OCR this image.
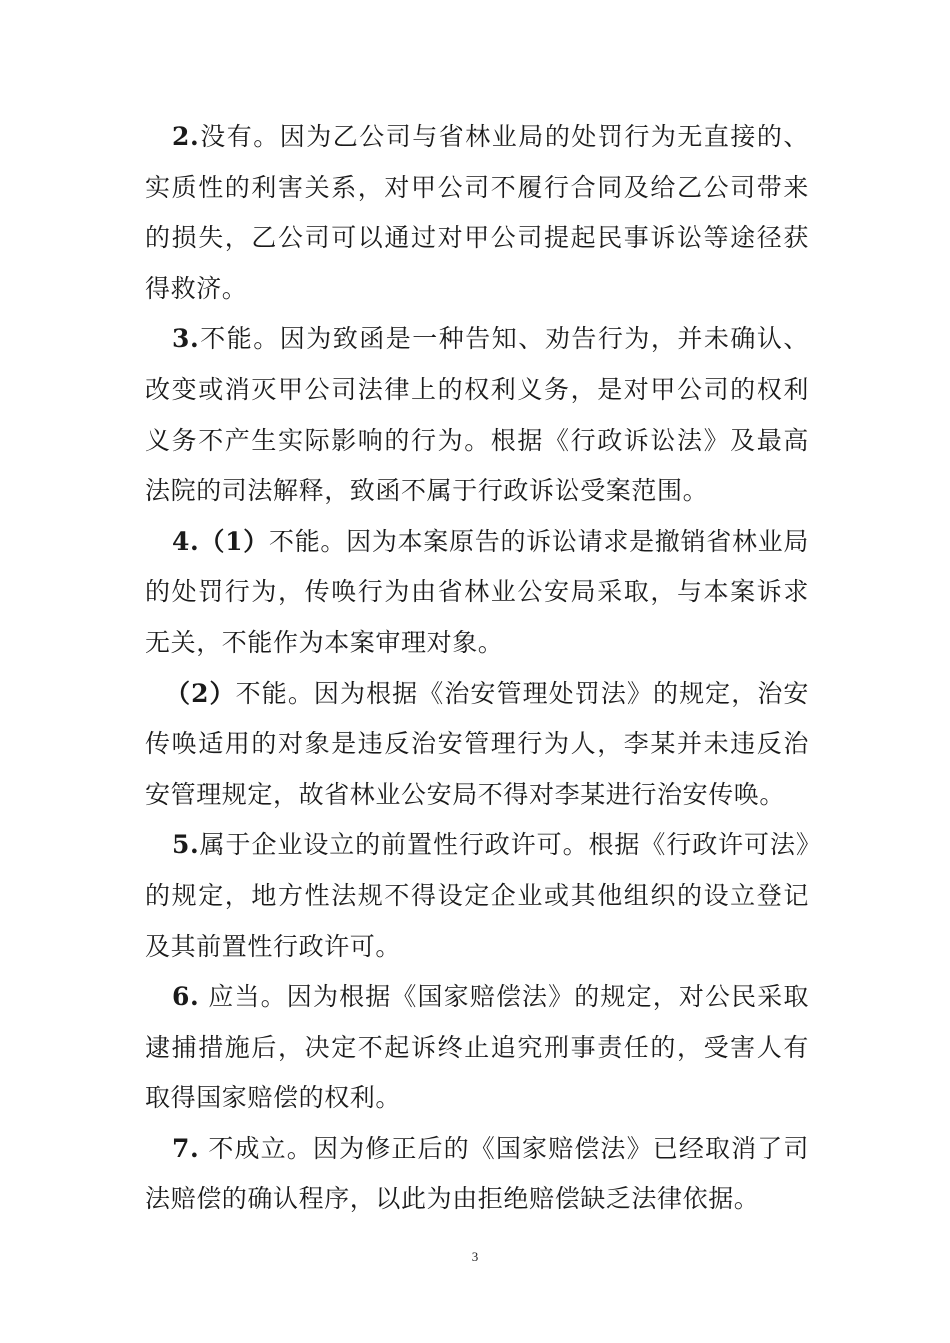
2.没有。因为乙公司与省林业局的处罚行为无直接的、实质性的利害关系，对甲公司不履行合同及给乙公司带来的损失，乙公司可以通过对甲公司提起民事诉讼等途径获得救济。

3.不能。因为致函是一种告知、劝告行为，并未确认、改变或消灭甲公司法律上的权利义务，是对甲公司的权利义务不产生实际影响的行为。根据《行政诉讼法》及最高法院的司法解释，致函不属于行政诉讼受案范围。

4.（1）不能。因为本案原告的诉讼请求是撤销省林业局的处罚行为，传唤行为由省林业公安局采取，与本案诉求无关，不能作为本案审理对象。

（2）不能。因为根据《治安管理处罚法》的规定，治安传唤适用的对象是违反治安管理行为人，李某并未违反治安管理规定，故省林业公安局不得对李某进行治安传唤。

5.属于企业设立的前置性行政许可。根据《行政许可法》的规定，地方性法规不得设定企业或其他组织的设立登记及其前置性行政许可。

6. 应当。因为根据《国家赔偿法》的规定，对公民采取逮捕措施后，决定不起诉终止追究刑事责任的，受害人有取得国家赔偿的权利。

7. 不成立。因为修正后的《国家赔偿法》已经取消了司法赔偿的确认程序，以此为由拒绝赔偿缺乏法律依据。

3
